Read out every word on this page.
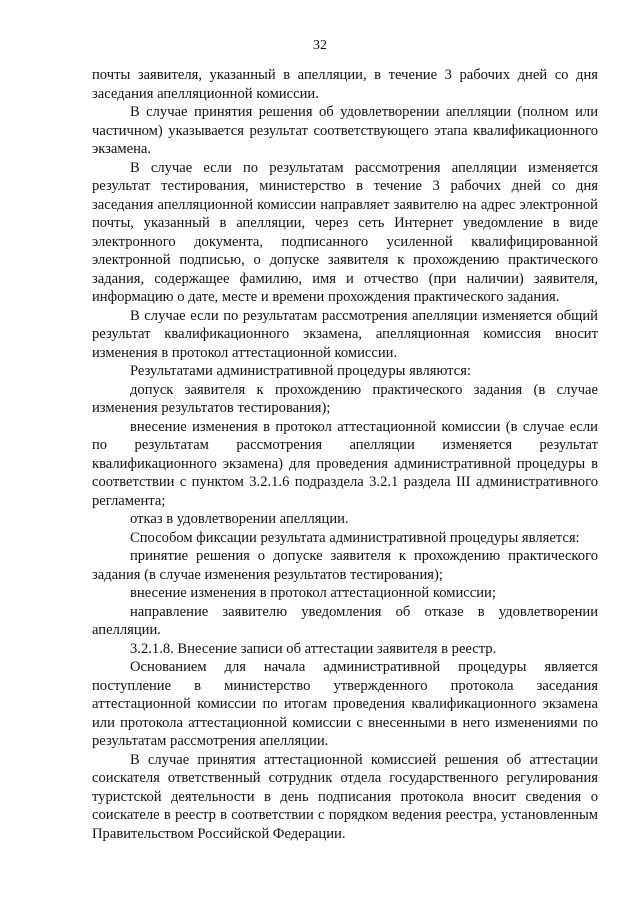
32

почты заявителя, указанный в апелляции, в течение 3 рабочих дней со дня заседания апелляционной комиссии.

В случае принятия решения об удовлетворении апелляции (полном или частичном) указывается результат соответствующего этапа квалификационного экзамена.

В случае если по результатам рассмотрения апелляции изменяется результат тестирования, министерство в течение 3 рабочих дней со дня заседания апелляционной комиссии направляет заявителю на адрес электронной почты, указанный в апелляции, через сеть Интернет уведомление в виде электронного документа, подписанного усиленной квалифицированной электронной подписью, о допуске заявителя к прохождению практического задания, содержащее фамилию, имя и отчество (при наличии) заявителя, информацию о дате, месте и времени прохождения практического задания.

В случае если по результатам рассмотрения апелляции изменяется общий результат квалификационного экзамена, апелляционная комиссия вносит изменения в протокол аттестационной комиссии.

Результатами административной процедуры являются:

допуск заявителя к прохождению практического задания (в случае изменения результатов тестирования);

внесение изменения в протокол аттестационной комиссии (в случае если по результатам рассмотрения апелляции изменяется результат квалификационного экзамена) для проведения административной процедуры в соответствии с пунктом 3.2.1.6 подраздела 3.2.1 раздела III административного регламента;

отказ в удовлетворении апелляции.

Способом фиксации результата административной процедуры является:

принятие решения о допуске заявителя к прохождению практического задания (в случае изменения результатов тестирования);

внесение изменения в протокол аттестационной комиссии;

направление заявителю уведомления об отказе в удовлетворении апелляции.

3.2.1.8. Внесение записи об аттестации заявителя в реестр.

Основанием для начала административной процедуры является поступление в министерство утвержденного протокола заседания аттестационной комиссии по итогам проведения квалификационного экзамена или протокола аттестационной комиссии с внесенными в него изменениями по результатам рассмотрения апелляции.

В случае принятия аттестационной комиссией решения об аттестации соискателя ответственный сотрудник отдела государственного регулирования туристской деятельности в день подписания протокола вносит сведения о соискателе в реестр в соответствии с порядком ведения реестра, установленным Правительством Российской Федерации.
